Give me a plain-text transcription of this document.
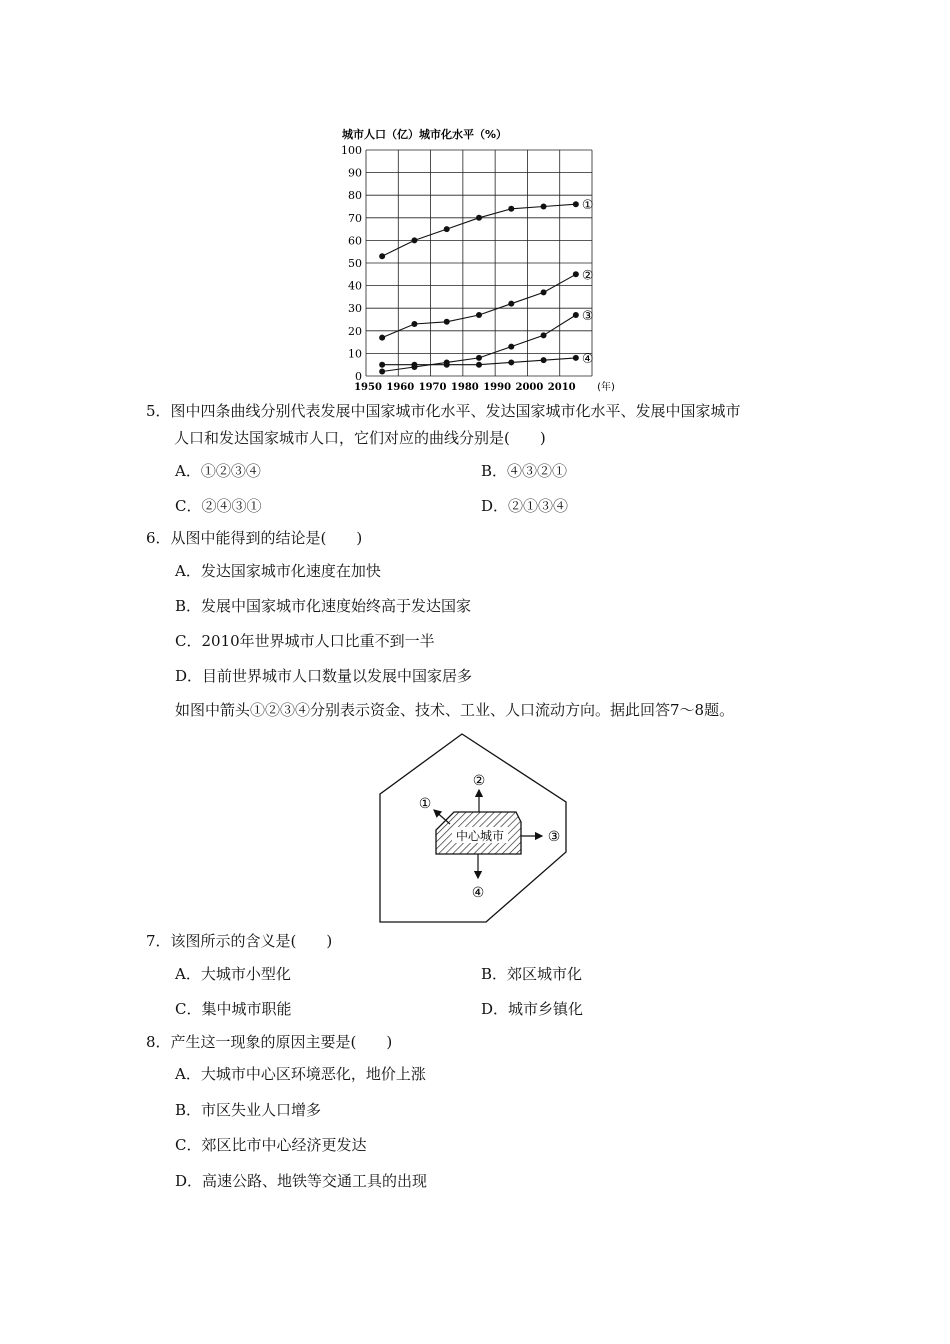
城市人口（亿）城市化水平（%）
0
10
20
30
40
50
60
70
80
90
100
1950 1960 1970 1980 1990 2000 2010 (年)
①
②
③
④
5．图中四条曲线分别代表发展中国家城市化水平、发达国家城市化水平、发展中国家城市
人口和发达国家城市人口，它们对应的曲线分别是(　　)
A．①②③④	B．④③②①
C．②④③①	D．②①③④
6．从图中能得到的结论是(　　)
A．发达国家城市化速度在加快
B．发展中国家城市化速度始终高于发达国家
C．2010年世界城市人口比重不到一半
D．目前世界城市人口数量以发展中国家居多
如图中箭头①②③④分别表示资金、技术、工业、人口流动方向。据此回答7～8题。
中心城市
①
②
③
④
7．该图所示的含义是(　　)
A．大城市小型化	B．郊区城市化
C．集中城市职能	D．城市乡镇化
8．产生这一现象的原因主要是(　　)
A．大城市中心区环境恶化，地价上涨
B．市区失业人口增多
C．郊区比市中心经济更发达
D．高速公路、地铁等交通工具的出现
